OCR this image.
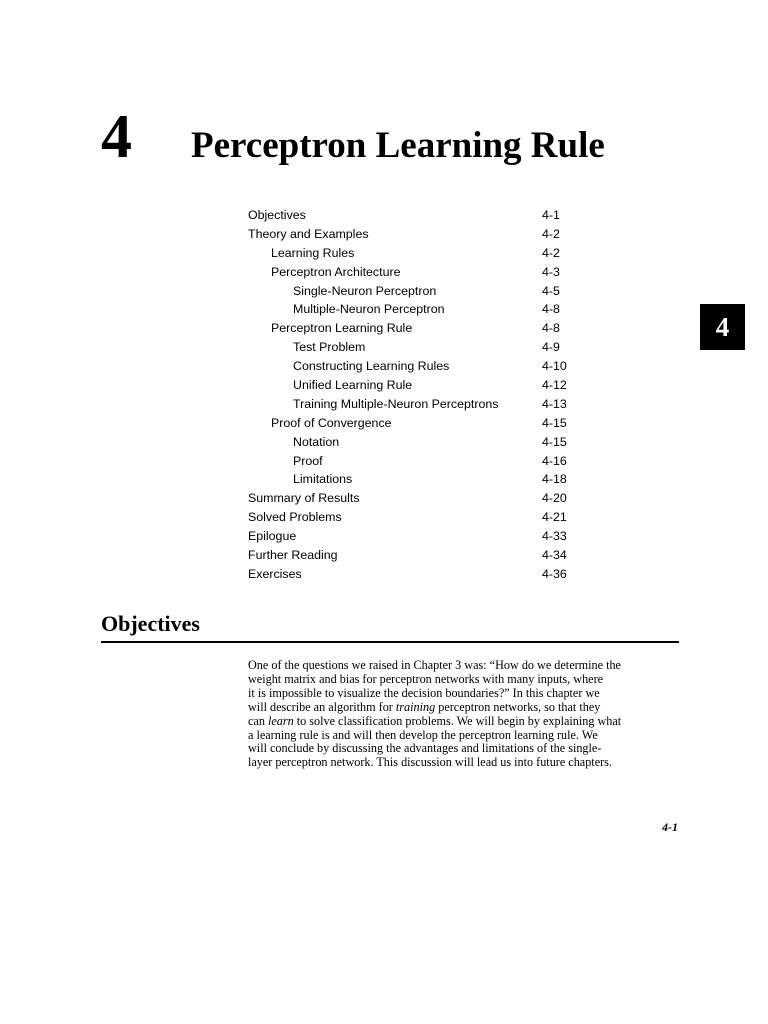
4 Perceptron Learning Rule
Objectives	4-1
Theory and Examples	4-2
Learning Rules	4-2
Perceptron Architecture	4-3
Single-Neuron Perceptron	4-5
Multiple-Neuron Perceptron	4-8
Perceptron Learning Rule	4-8
Test Problem	4-9
Constructing Learning Rules	4-10
Unified Learning Rule	4-12
Training Multiple-Neuron Perceptrons	4-13
Proof of Convergence	4-15
Notation	4-15
Proof	4-16
Limitations	4-18
Summary of Results	4-20
Solved Problems	4-21
Epilogue	4-33
Further Reading	4-34
Exercises	4-36
4
Objectives
One of the questions we raised in Chapter 3 was: “How do we determine the
weight matrix and bias for perceptron networks with many inputs, where
it is impossible to visualize the decision boundaries?” In this chapter we
will describe an algorithm for training perceptron networks, so that they
can learn to solve classification problems. We will begin by explaining what
a learning rule is and will then develop the perceptron learning rule. We
will conclude by discussing the advantages and limitations of the single-
layer perceptron network. This discussion will lead us into future chapters.
4-1
